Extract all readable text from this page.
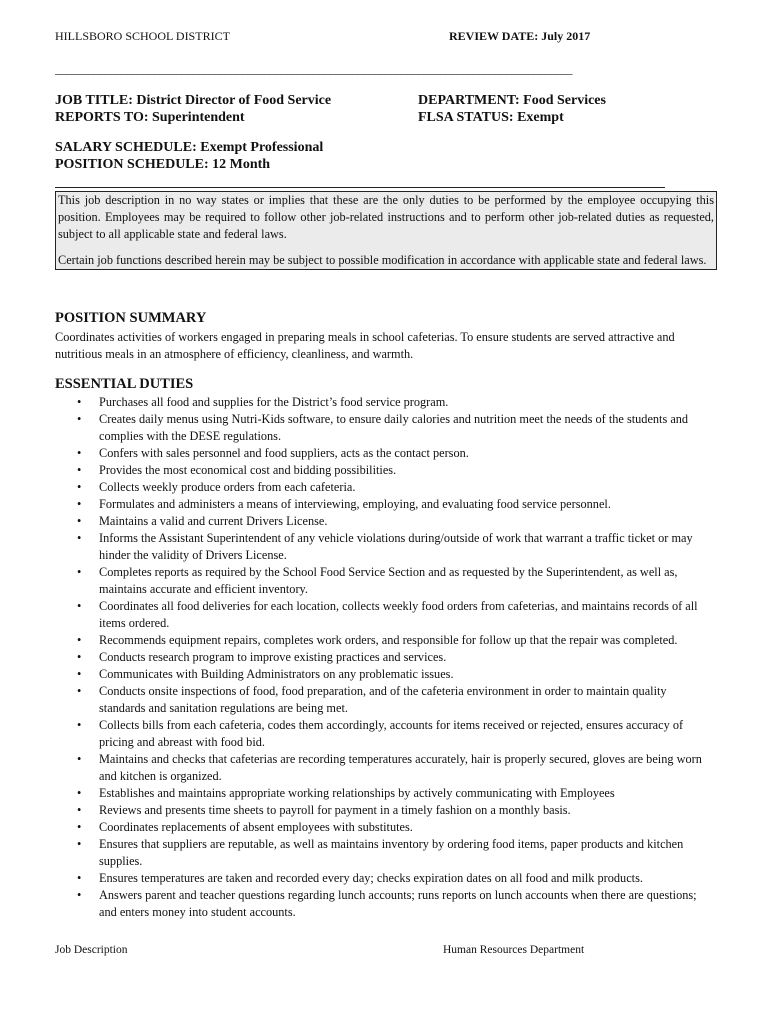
HILLSBORO SCHOOL DISTRICT	REVIEW DATE: July 2017
______________________________________________________________________________________________
JOB TITLE: District Director of Food Service
REPORTS TO: Superintendent
DEPARTMENT: Food Services
FLSA STATUS: Exempt
SALARY SCHEDULE: Exempt Professional
POSITION SCHEDULE: 12 Month

This job description in no way states or implies that these are the only duties to be performed by the employee occupying this position. Employees may be required to follow other job-related instructions and to perform other job-related duties as requested, subject to all applicable state and federal laws.

Certain job functions described herein may be subject to possible modification in accordance with applicable state and federal laws.

POSITION SUMMARY
Coordinates activities of workers engaged in preparing meals in school cafeterias. To ensure students are served attractive and nutritious meals in an atmosphere of efficiency, cleanliness, and warmth.
ESSENTIAL DUTIES
• Purchases all food and supplies for the District’s food service program.
• Creates daily menus using Nutri-Kids software, to ensure daily calories and nutrition meet the needs of the students and complies with the DESE regulations.
• Confers with sales personnel and food suppliers, acts as the contact person.
• Provides the most economical cost and bidding possibilities.
• Collects weekly produce orders from each cafeteria.
• Formulates and administers a means of interviewing, employing, and evaluating food service personnel.
• Maintains a valid and current Drivers License.
• Informs the Assistant Superintendent of any vehicle violations during/outside of work that warrant a traffic ticket or may hinder the validity of Drivers License.
• Completes reports as required by the School Food Service Section and as requested by the Superintendent, as well as, maintains accurate and efficient inventory.
• Coordinates all food deliveries for each location, collects weekly food orders from cafeterias, and maintains records of all items ordered.
• Recommends equipment repairs, completes work orders, and responsible for follow up that the repair was completed.
• Conducts research program to improve existing practices and services.
• Communicates with Building Administrators on any problematic issues.
• Conducts onsite inspections of food, food preparation, and of the cafeteria environment in order to maintain quality standards and sanitation regulations are being met.
• Collects bills from each cafeteria, codes them accordingly, accounts for items received or rejected, ensures accuracy of pricing and abreast with food bid.
• Maintains and checks that cafeterias are recording temperatures accurately, hair is properly secured, gloves are being worn and kitchen is organized.
• Establishes and maintains appropriate working relationships by actively communicating with Employees
• Reviews and presents time sheets to payroll for payment in a timely fashion on a monthly basis.
• Coordinates replacements of absent employees with substitutes.
• Ensures that suppliers are reputable, as well as maintains inventory by ordering food items, paper products and kitchen supplies.
• Ensures temperatures are taken and recorded every day; checks expiration dates on all food and milk products.
• Answers parent and teacher questions regarding lunch accounts; runs reports on lunch accounts when there are questions; and enters money into student accounts.
Job Description	Human Resources Department
